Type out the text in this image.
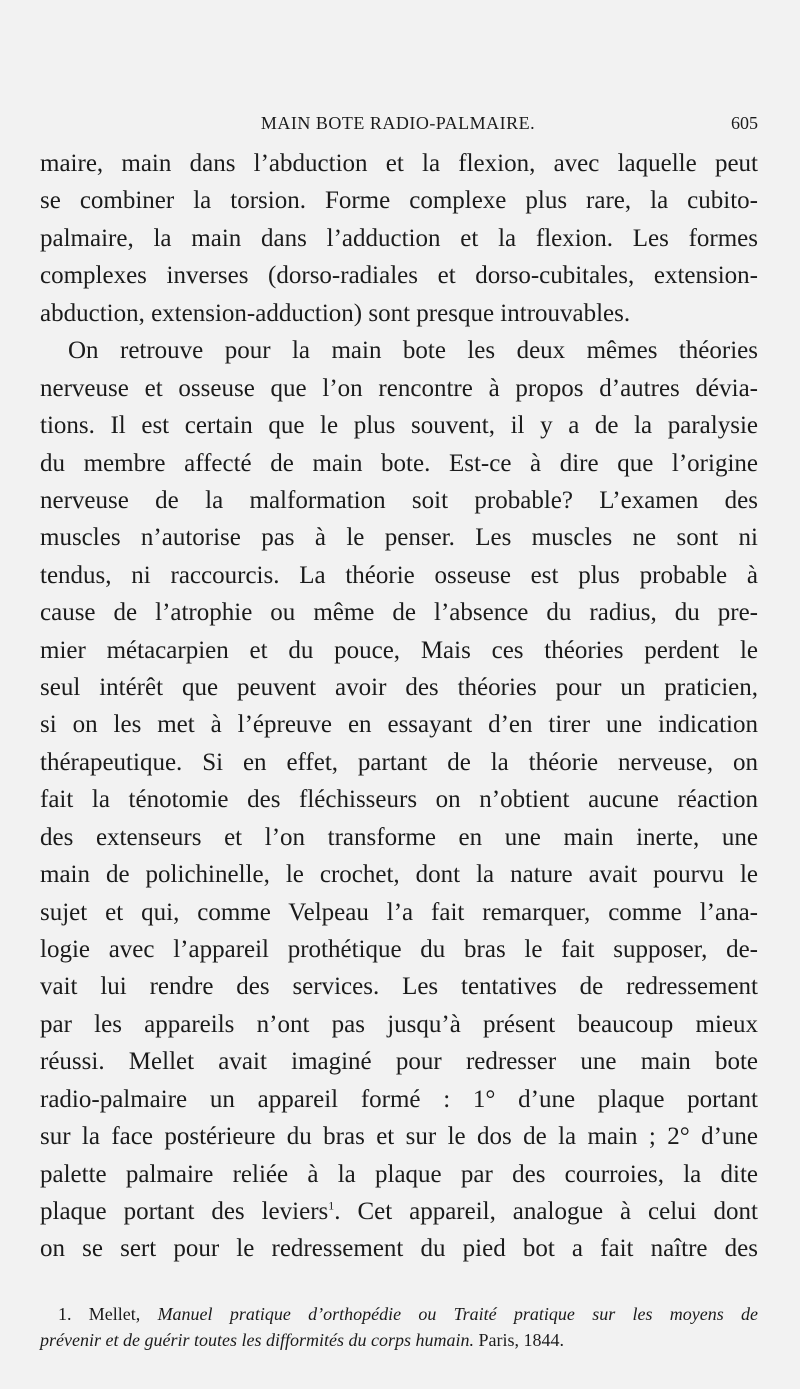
MAIN BOTE RADIO-PALMAIRE.	605
maire, main dans l’abduction et la flexion, avec laquelle peut
se combiner la torsion. Forme complexe plus rare, la cubito-
palmaire, la main dans l’adduction et la flexion. Les formes
complexes inverses (dorso-radiales et dorso-cubitales, extension-
abduction, extension-adduction) sont presque introuvables.
On retrouve pour la main bote les deux mêmes théories
nerveuse et osseuse que l’on rencontre à propos d’autres dévia-
tions. Il est certain que le plus souvent, il y a de la paralysie
du membre affecté de main bote. Est-ce à dire que l’origine
nerveuse de la malformation soit probable? L’examen des
muscles n’autorise pas à le penser. Les muscles ne sont ni
tendus, ni raccourcis. La théorie osseuse est plus probable à
cause de l’atrophie ou même de l’absence du radius, du pre-
mier métacarpien et du pouce, Mais ces théories perdent le
seul intérêt que peuvent avoir des théories pour un praticien,
si on les met à l’épreuve en essayant d’en tirer une indication
thérapeutique. Si en effet, partant de la théorie nerveuse, on
fait la ténotomie des fléchisseurs on n’obtient aucune réaction
des extenseurs et l’on transforme en une main inerte, une
main de polichinelle, le crochet, dont la nature avait pourvu le
sujet et qui, comme Velpeau l’a fait remarquer, comme l’ana-
logie avec l’appareil prothétique du bras le fait supposer, de-
vait lui rendre des services. Les tentatives de redressement
par les appareils n’ont pas jusqu’à présent beaucoup mieux
réussi. Mellet avait imaginé pour redresser une main bote
radio-palmaire un appareil formé : 1° d’une plaque portant
sur la face postérieure du bras et sur le dos de la main ; 2° d’une
palette palmaire reliée à la plaque par des courroies, la dite
plaque portant des leviers$^1$. Cet appareil, analogue à celui dont
on se sert pour le redressement du pied bot a fait naître des
1. Mellet, Manuel pratique d’orthopédie ou Traité pratique sur les moyens de
prévenir et de guérir toutes les difformités du corps humain. Paris, 1844.
